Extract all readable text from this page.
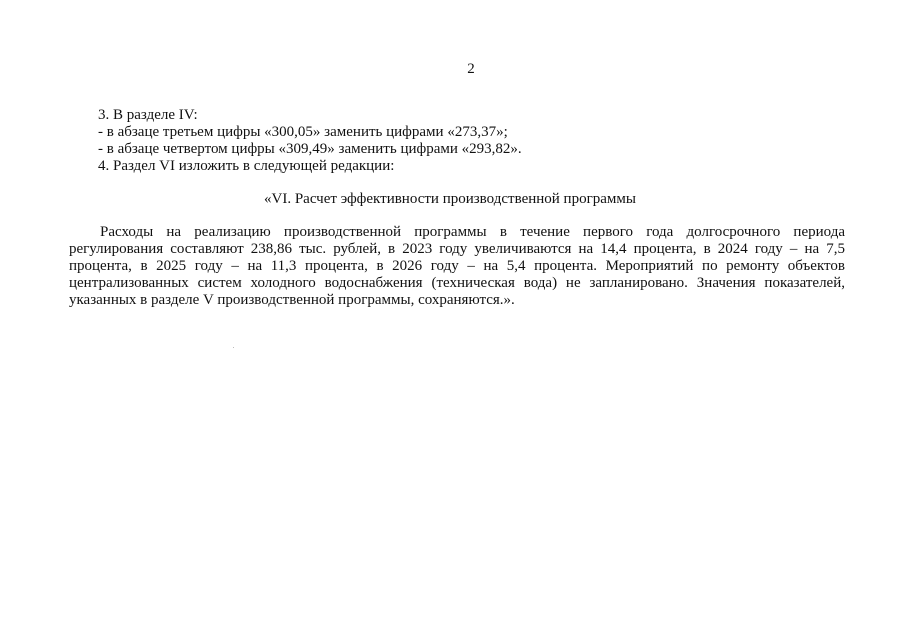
2
3. В разделе IV:
- в абзаце третьем цифры «300,05» заменить цифрами «273,37»;
- в абзаце четвертом цифры «309,49» заменить цифрами «293,82».
4. Раздел VI изложить в следующей редакции:
«VI. Расчет эффективности производственной программы

Расходы на реализацию производственной программы в течение первого года долгосрочного периода регулирования составляют 238,86 тыс. рублей, в 2023 году увеличиваются на 14,4 процента, в 2024 году – на 7,5 процента, в 2025 году – на 11,3 процента, в 2026 году – на 5,4 процента. Мероприятий по ремонту объектов централизованных систем холодного водоснабжения (техническая вода) не запланировано. Значения показателей, указанных в разделе V производственной программы, сохраняются.».
